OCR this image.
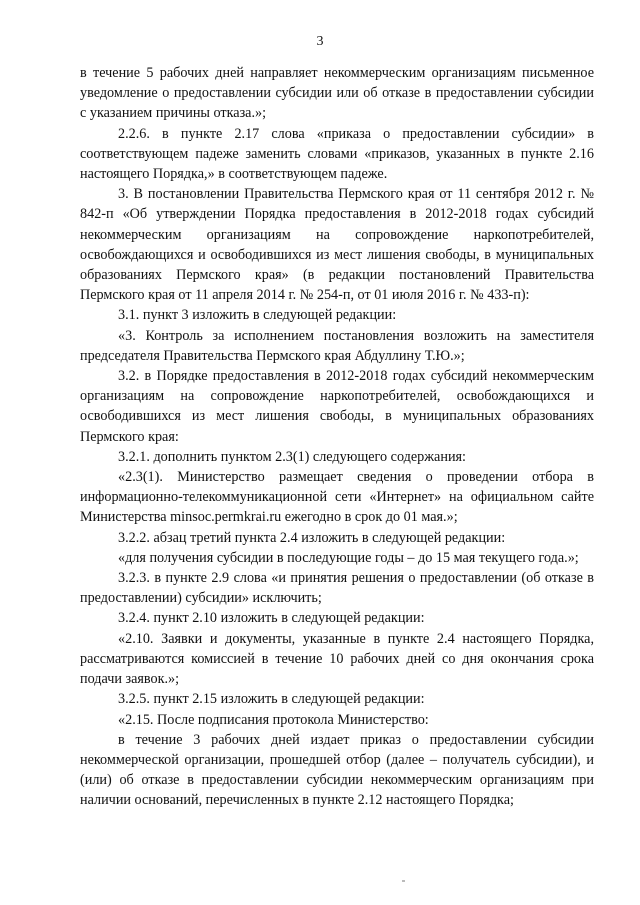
3

в течение 5 рабочих дней направляет некоммерческим организациям письменное уведомление о предоставлении субсидии или об отказе в предоставлении субсидии с указанием причины отказа.»;

2.2.6. в пункте 2.17 слова «приказа о предоставлении субсидии» в соответствующем падеже заменить словами «приказов, указанных в пункте 2.16 настоящего Порядка,» в соответствующем падеже.

3. В постановлении Правительства Пермского края от 11 сентября 2012 г. № 842-п «Об утверждении Порядка предоставления в 2012-2018 годах субсидий некоммерческим организациям на сопровождение наркопотребителей, освобождающихся и освободившихся из мест лишения свободы, в муниципальных образованиях Пермского края» (в редакции постановлений Правительства Пермского края от 11 апреля 2014 г. № 254-п, от 01 июля 2016 г. № 433-п):

3.1. пункт 3 изложить в следующей редакции:

«3. Контроль за исполнением постановления возложить на заместителя председателя Правительства Пермского края Абдуллину Т.Ю.»;

3.2. в Порядке предоставления в 2012-2018 годах субсидий некоммерческим организациям на сопровождение наркопотребителей, освобождающихся и освободившихся из мест лишения свободы, в муниципальных образованиях Пермского края:

3.2.1. дополнить пунктом 2.3(1) следующего содержания:

«2.3(1). Министерство размещает сведения о проведении отбора в информационно-телекоммуникационной сети «Интернет» на официальном сайте Министерства minsoc.permkrai.ru ежегодно в срок до 01 мая.»;

3.2.2. абзац третий пункта 2.4 изложить в следующей редакции:

«для получения субсидии в последующие годы – до 15 мая текущего года.»;

3.2.3. в пункте 2.9 слова «и принятия решения о предоставлении (об отказе в предоставлении) субсидии» исключить;

3.2.4. пункт 2.10 изложить в следующей редакции:

«2.10. Заявки и документы, указанные в пункте 2.4 настоящего Порядка, рассматриваются комиссией в течение 10 рабочих дней со дня окончания срока подачи заявок.»;

3.2.5. пункт 2.15 изложить в следующей редакции:

«2.15. После подписания протокола Министерство:

в течение 3 рабочих дней издает приказ о предоставлении субсидии некоммерческой организации, прошедшей отбор (далее – получатель субсидии), и (или) об отказе в предоставлении субсидии некоммерческим организациям при наличии оснований, перечисленных в пункте 2.12 настоящего Порядка;
